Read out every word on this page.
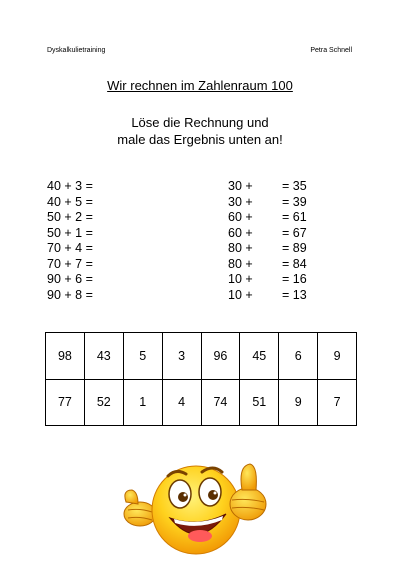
Dyskalkulietraining	Petra Schnell
Wir rechnen im Zahlenraum 100
Löse die Rechnung und
male das Ergebnis unten an!
40 + 3 =
40 + 5 =
50 + 2 =
50 + 1 =
70 + 4 =
70 + 7 =
90 + 6 =
90 + 8 =
30 + = 35
30 + = 39
60 + = 61
60 + = 67
80 + = 89
80 + = 84
10 + = 16
10 + = 13
98	43	5	3	96	45	6	9
77	52	1	4	74	51	9	7
